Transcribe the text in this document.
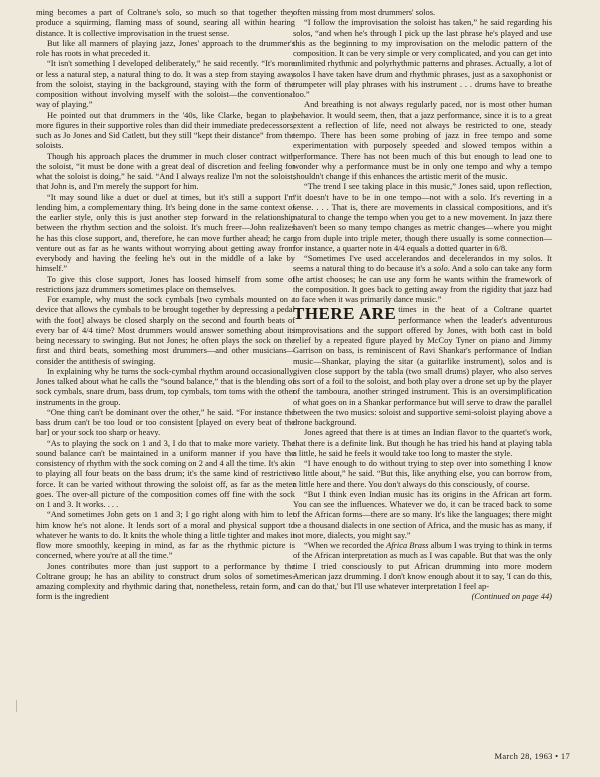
ming becomes a part of Coltrane's solo, so much so that together they produce a squirming, flaming mass of sound, searing all within hearing distance. It is collective improvisation in the truest sense.

But like all manners of playing jazz, Jones' approach to the drummer's role has roots in what preceded it.

“It isn't something I developed deliberately,” he said recently. “It's more or less a natural step, a natural thing to do. It was a step from staying away from the soloist, staying in the background, staying with the form of the composition without involving myself with the soloist—the conventional way of playing.”

He pointed out that drummers in the '40s, like Clarke, began to play more figures in their supportive roles than did their immediate predecessors, such as Jo Jones and Sid Catlett, but they still “kept their distance” from the soloists.

Though his approach places the drummer in much closer contract with the soloist, “it must be done with a great deal of discretion and feeling for what the soloist is doing,” he said. “And I always realize I'm not the soloist, that John is, and I'm merely the support for him.

“It may sound like a duet or duel at times, but it's still a support I'm lending him, a complementary thing. It's being done in the same context of the earlier style, only this is just another step forward in the relationship between the rhythm section and the soloist. It's much freer—John realizes he has this close support, and, therefore, he can move further ahead; he can venture out as far as he wants without worrying about getting away from everybody and having the feeling he's out in the middle of a lake by himself.”

To give this close support, Jones has loosed himself from some of restrictions jazz drummers sometimes place on themselves.

For example, why must the sock cymbals [two cymbals mounted on a device that allows the cymbals to be brought together by depressing a pedal with the foot] always be closed sharply on the second and fourth beats of every bar of 4/4 time? Most drummers would answer something about its being necessary to swinging. But not Jones; he often plays the sock on the first and third beats, something most drummers—and other musicians—consider the antithesis of swinging.

In explaining why he turns the sock-cymbal rhythm around occasionally, Jones talked about what he calls the “sound balance,” that is the blending of sock cymbals, snare drum, bass drum, top cymbals, tom toms with the other instruments in the group.

“One thing can't be dominant over the other,” he said. “For instance the bass drum can't be too loud or too consistent [played on every beat of the bar] or your sock too sharp or heavy.

“As to playing the sock on 1 and 3, I do that to make more variety. The sound balance can't be maintained in a uniform manner if you have the consistency of rhythm with the sock coming on 2 and 4 all the time. It's akin to playing all four beats on the bass drum; it's the same kind of restrictive force. It can be varied without throwing the soloist off, as far as the meter goes. The over-all picture of the composition comes off fine with the sock on 1 and 3. It works. . . .

“And sometimes John gets on 1 and 3; I go right along with him to let him know he's not alone. It lends sort of a moral and physical support to whatever he wants to do. It knits the whole thing a little tighter and makes it flow more smoothly, keeping in mind, as far as the rhythmic picture is concerned, where you're at all the time.”

Jones contributes more than just support to a performance by the Coltrane group; he has an ability to construct drum solos of sometimes-amazing complexity and rhythmic daring that, nonetheless, retain form, and form is the ingredient

often missing from most drummers' solos.

“I follow the improvisation the soloist has taken,” he said regarding his solos, “and when he's through I pick up the last phrase he's played and use this as the beginning to my improvisation on the melodic pattern of the composition. It can be very simple or very complicated, and you can get into unlimited rhythmic and polyrhythmic patterns and phrases. Actually, a lot of solos I have taken have drum and rhythmic phrases, just as a saxophonist or trumpeter will play phrases with his instrument . . . drums have to breathe too.”

And breathing is not always regularly paced, nor is most other human behavior. It would seem, then, that a jazz performance, since it is to a great extent a reflection of life, need not always be restricted to one, steady tempo. There has been some probing of jazz in free tempo and some experimentation with purposely speeded and slowed tempos within a performance. There has not been much of this but enough to lead one to wonder why a performance must be in only one tempo and why a tempo shouldn't change if this enhances the artistic merit of the music.

“The trend I see taking place in this music,” Jones said, upon reflection, “it doesn't have to be in one tempo—not with a solo. It's reverting in a sense. . . . That is, there are movements in classical compositions, and it's natural to change the tempo when you get to a new movement. In jazz there haven't been so many tempo changes as metric changes—where you might go from duple into triple meter, though there usually is some connection—for instance, a quarter note in 4/4 equals a dotted quarter in 6/8.

“Sometimes I've used accelerandos and decelerandos in my solos. It seems a natural thing to do because it's a solo. And a solo can take any form the artist chooses; he can use any form he wants within the framework of the composition. It goes back to getting away from the rigidity that jazz had to face when it was primarily dance music.”

THERE ARE times in the heat of a Coltrane quartet performance when the leader's adventurous improvisations and the support offered by Jones, with both cast in bold relief by a repeated figure played by McCoy Tyner on piano and Jimmy Garrison on bass, is reminiscent of Ravi Shankar's performance of Indian music—Shankar, playing the sitar (a guitarlike instrument), solos and is given close support by the tabla (two small drums) player, who also serves as sort of a foil to the soloist, and both play over a drone set up by the player of the tamboura, another stringed instrument. This is an oversimplification of what goes on in a Shankar performance but will serve to draw the parallel between the two musics: soloist and supportive semi-soloist playing above a drone background.

Jones agreed that there is at times an Indian flavor to the quartet's work, that there is a definite link. But though he has tried his hand at playing tabla a little, he said he feels it would take too long to master the style.

“I have enough to do without trying to step over into something I know so little about,” he said. “But this, like anything else, you can borrow from, a little here and there. You don't always do this consciously, of course.

“But I think even Indian music has its origins in the African art form. You can see the influences. Whatever we do, it can be traced back to some of the African forms—there are so many. It's like the languages; there might be a thousand dialects in one section of Africa, and the music has as many, if not more, dialects, you might say.”

“When we recorded the Africa Brass album I was trying to think in terms of the African interpretation as much as I was capable. But that was the only time I tried consciously to put African drumming into more modern American jazz drumming. I don't know enough about it to say, 'I can do this, I can do that,' but I'll use whatever interpretation I feel ap-
(Continued on page 44)

March 28, 1963 • 17
